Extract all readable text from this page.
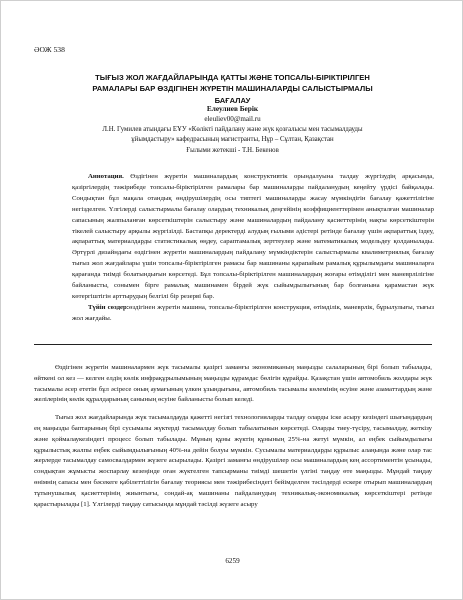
ӘОЖ 538
ТЫҒЫЗ ЖОЛ ЖАҒДАЙЛАРЫНДА ҚАТТЫ ЖӘНЕ ТОПСАЛЫ-БІРІКТІРІЛГЕН
РАМАЛАРЫ БАР ӨЗДІГІНЕН ЖҮРЕТІН МАШИНАЛАРДЫ САЛЫСТЫРМАЛЫ
БАҒАЛАУ
Елеулиев Берік
eleuliev00@mail.ru
Л.Н. Гумилев атындағы ЕҰУ «Көлікті пайдалану және жүк қозғалысы мен тасымалдауды
ұйымдастыру» кафедрасының магистранты, Нұр – Сұлтан, Қазақстан
Ғылыми жетекші - Т.Н. Бекенов

Аннотация. Өздігінен жүретін машиналардың конструктивтік орындалуына талдау жүргізудің арқасында, қазіргілердің тәжірибеде топсалы-біріктірілген рамалары бар машиналарды пайдаланудың кеңейту үрдісі байқалады. Сондықтан бұл мақала отандық өндірушілердің осы типтегі машиналарды жасау мүмкіндігін бағалау қажеттілігіне негізделген. Үлгілерді салыстырмалы бағалау олардың техникалық деңгейінің коэффициенттерімен анықталған машиналар сапасының жалпыланған көрсеткіштерін салыстыру және машиналардың пайдалану қасиеттерінің нақты көрсеткіштерін тікелей салыстыру арқылы жүргізілді. Бастапқы деректерді алудың ғылыми әдістері ретінде бағалау үшін ақпараттық іздеу, ақпараттық материалдарды статистикалық өңдеу, сараптамалық зерттеулер және математикалық модельдеу қолданылады. Әртүрлі дизайндағы өздігінен жүретін машиналардың пайдалану мүмкіндіктерін салыстырмалы квалиметриялық бағалау тығыз жол жағдайлары үшін топсалы-біріктірілген рамасы бар машинаны қарапайым рамалық құрылымдағы машиналарға қарағанда тиімді болатындығын көрсетеді. Бұл топсалы-біріктірілген машиналардың жоғары өтімділігі мен маневрлілігіне байланысты, сонымен бірге рамалық машинамен бірдей жүк сыйымдылығының бар болғанына қарамастан жүк көтергіштігін арттырудың белгілі бір резерві бар.

Түйін сөздер:өздігінен жүретін машина, топсалы-біріктірілген конструкция, өтімділік, маневрлік, бұрылулығы, тығыз жол жағдайы.

Өздігінен жүретін машиналармен жүк тасымалы қазіргі заманғы экономиканың маңызды салаларының бірі болып табылады, өйткені ол кез — келген елдің көлік инфрақұрылымының маңызды құрамдас бөлігін құрайды. Қазақстан үшін автомобиль жолдары жүк тасымалы әсер ететін бұл әсіресе оның аумағының үлкен ұзындығына, автомобиль тасымалы көлемінің өсуіне және азаматтардың және желілерінің көлік құралдарының санының өсуіне байланысты болып келеді.

Тығыз жол жағдайларында жүк тасымалдауда қажетті негізгі технологияларды талдау оларды іске асыру кезіндегі шығындардың ең маңызды баптарының бірі сусымалы жүктерді тасымалдау болып табылатынын көрсетеді. Оларды тиеу-түсіру, тасымалдау, жеткізу және қоймалаукезіндегі процесс болып табылады. Мұның құны жүктің құнының 25%-на жетуі мүмкін, ал еңбек сыйымдылығы құрылыстық жалпы еңбек сыйымдылығының 40%-на дейін болуы мүмкін. Сусымалы материалдарды құрылыс алаңында және олар тас жерлерде тасымалдау самосвалдармен жүзеге асырылады. Қазіргі заманғы өндірушілер осы машиналардың кең ассортиментін ұсынады, сондықтан жұмысты жоспарлау кезеңінде оған жүктелген тапсырманы тиімді шешетін үлгіні таңдау өте маңызды. Мұндай таңдау өнімнің сапасы мен бәсекеге қабілеттілігін бағалау теориясы мен тәжірибесіндегі бейімделген тәсілдерді ескере отырып машиналардың тұтынушылық қасиеттерінің жиынтығы, сондай-ақ машинаны пайдаланудың техникалық-экономикалық көрсеткіштері ретінде қарастырылады [1]. Үлгілерді таңдау сатысында мұндай тәсілді жүзеге асыру

6259
